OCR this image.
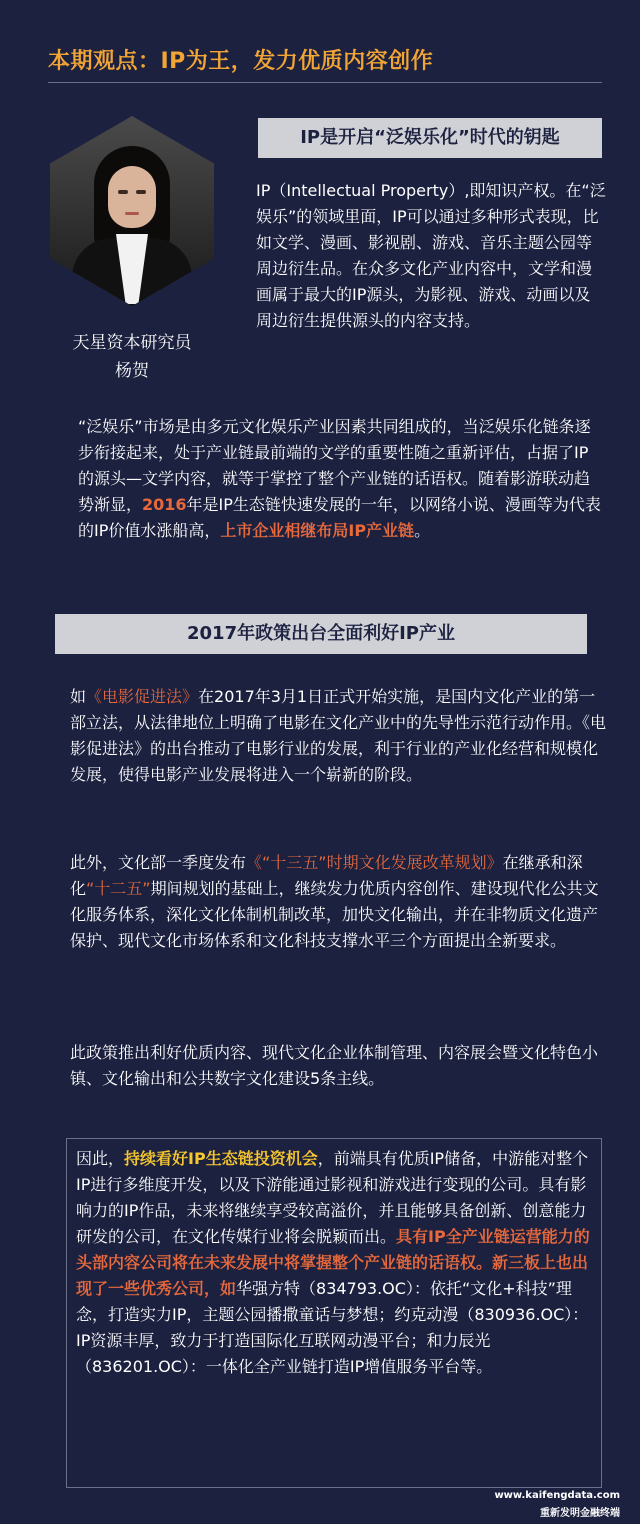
本期观点：IP为王，发力优质内容创作
天星资本研究员
杨贺
IP是开启“泛娱乐化”时代的钥匙
IP（Intellectual Property）,即知识产权。在“泛娱乐”的领域里面，IP可以通过多种形式表现，比如文学、漫画、影视剧、游戏、音乐主题公园等周边衍生品。在众多文化产业内容中，文学和漫画属于最大的IP源头，为影视、游戏、动画以及周边衍生提供源头的内容支持。
“泛娱乐”市场是由多元文化娱乐产业因素共同组成的，当泛娱乐化链条逐步衔接起来，处于产业链最前端的文学的重要性随之重新评估，占据了IP 的源头—文学内容，就等于掌控了整个产业链的话语权。随着影游联动趋势渐显，2016年是IP生态链快速发展的一年，以网络小说、漫画等为代表的IP价值水涨船高，上市企业相继布局IP产业链。
2017年政策出台全面利好IP产业
如《电影促进法》在2017年3月1日正式开始实施，是国内文化产业的第一部立法，从法律地位上明确了电影在文化产业中的先导性示范行动作用。《电影促进法》的出台推动了电影行业的发展，利于行业的产业化经营和规模化发展，使得电影产业发展将进入一个崭新的阶段。
此外，文化部一季度发布《“十三五”时期文化发展改革规划》在继承和深化“十二五”期间规划的基础上，继续发力优质内容创作、建设现代化公共文化服务体系，深化文化体制机制改革，加快文化输出，并在非物质文化遗产保护、现代文化市场体系和文化科技支撑水平三个方面提出全新要求。
此政策推出利好优质内容、现代文化企业体制管理、内容展会暨文化特色小镇、文化输出和公共数字文化建设5条主线。
因此，持续看好IP生态链投资机会，前端具有优质IP储备，中游能对整个IP进行多维度开发，以及下游能通过影视和游戏进行变现的公司。具有影响力的IP作品，未来将继续享受较高溢价，并且能够具备创新、创意能力研发的公司，在文化传媒行业将会脱颖而出。具有IP全产业链运营能力的头部内容公司将在未来发展中将掌握整个产业链的话语权。新三板上也出现了一些优秀公司，如华强方特（834793.OC）：依托“文化+科技”理念，打造实力IP，主题公园播撒童话与梦想；约克动漫（830936.OC）：IP资源丰厚，致力于打造国际化互联网动漫平台；和力辰光（836201.OC）：一体化全产业链打造IP增值服务平台等。
www.kaifengdata.com
重新发明金融终端
